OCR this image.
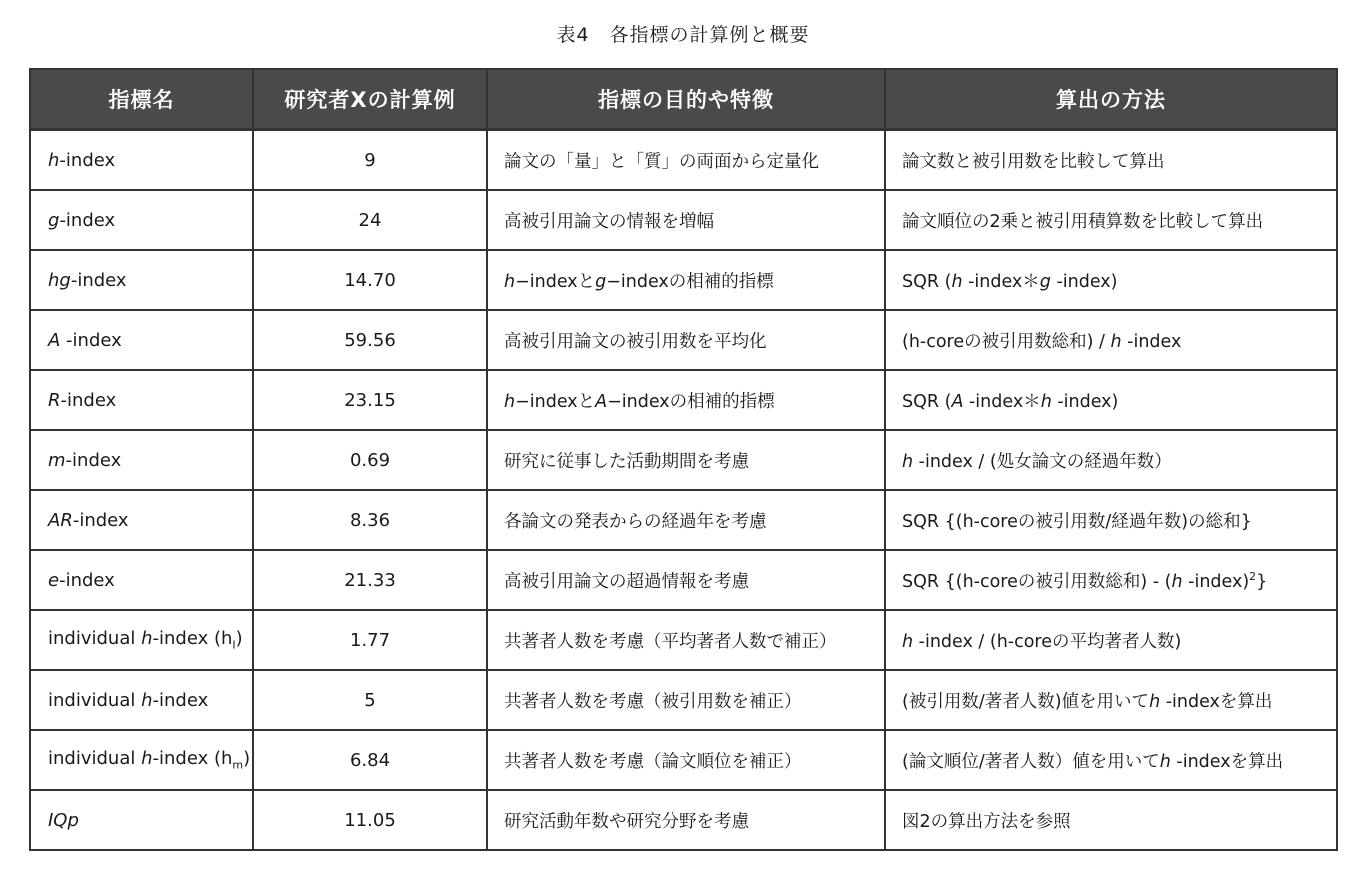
表4　各指標の計算例と概要
指標名	研究者Xの計算例	指標の目的や特徴	算出の方法
h-index	9	論文の「量」と「質」の両面から定量化	論文数と被引用数を比較して算出
g-index	24	高被引用論文の情報を増幅	論文順位の2乗と被引用積算数を比較して算出
hg-index	14.70	h−indexとg−indexの相補的指標	SQR (h -index＊g -index)
A -index	59.56	高被引用論文の被引用数を平均化	(h-coreの被引用数総和) / h -index
R-index	23.15	h−indexとA−indexの相補的指標	SQR (A -index＊h -index)
m-index	0.69	研究に従事した活動期間を考慮	h -index / (処女論文の経過年数）
AR-index	8.36	各論文の発表からの経過年を考慮	SQR {(h-coreの被引用数/経過年数)の総和}
e-index	21.33	高被引用論文の超過情報を考慮	SQR {(h-coreの被引用数総和) - (h -index)$^2$}
individual h-index $(h_I)$	1.77	共著者人数を考慮（平均著者人数で補正）	h -index / (h-coreの平均著者人数)
individual h-index	5	共著者人数を考慮（被引用数を補正）	(被引用数/著者人数)値を用いてh -indexを算出
individual h-index $(h_m)$	6.84	共著者人数を考慮（論文順位を補正）	(論文順位/著者人数）値を用いてh -indexを算出
IQp	11.05	研究活動年数や研究分野を考慮	図2の算出方法を参照
